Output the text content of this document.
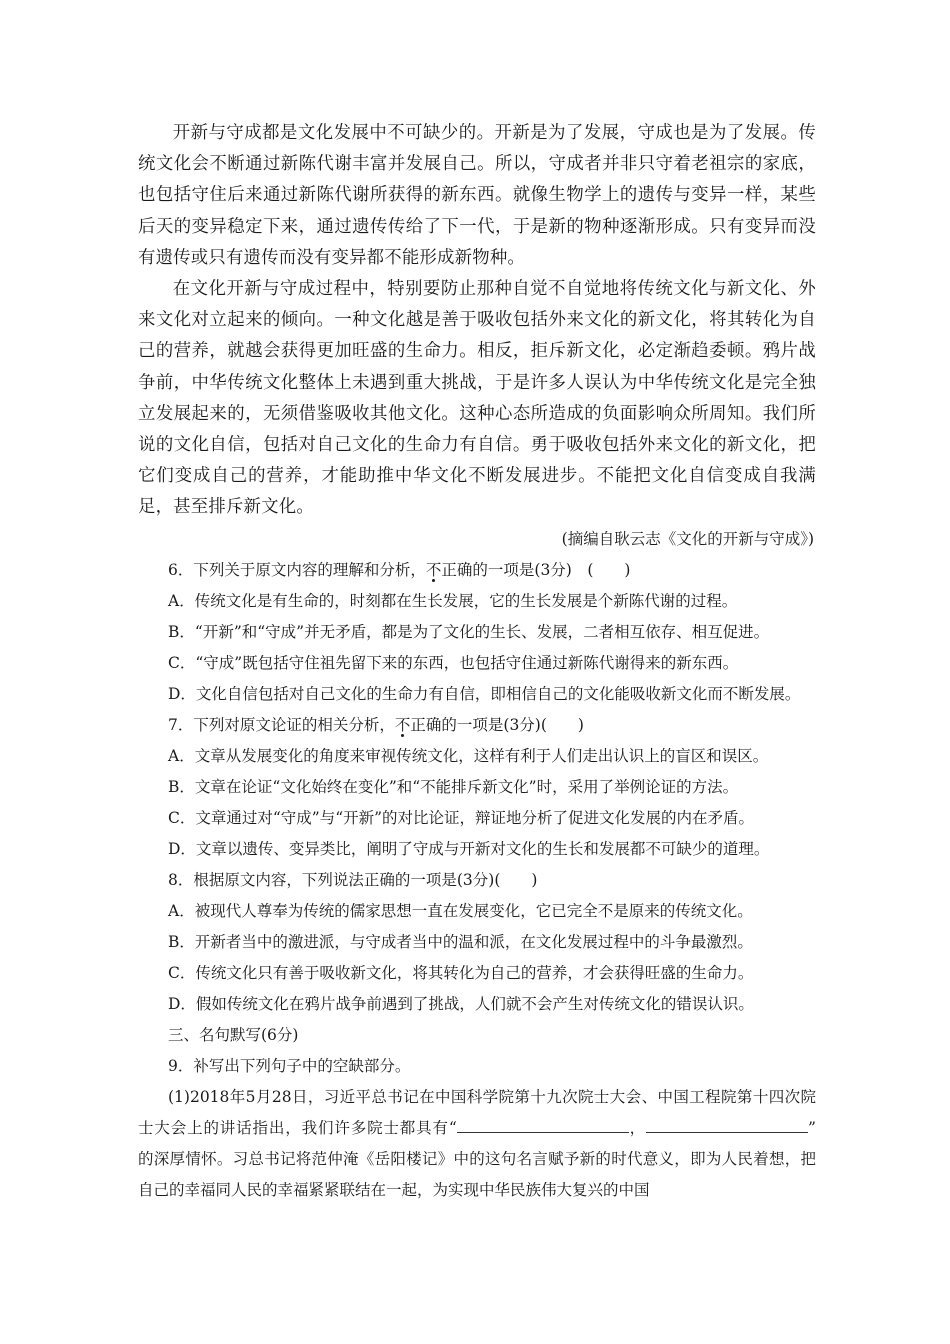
开新与守成都是文化发展中不可缺少的。开新是为了发展，守成也是为了发展。传统文化会不断通过新陈代谢丰富并发展自己。所以，守成者并非只守着老祖宗的家底，也包括守住后来通过新陈代谢所获得的新东西。就像生物学上的遗传与变异一样，某些后天的变异稳定下来，通过遗传传给了下一代，于是新的物种逐渐形成。只有变异而没有遗传或只有遗传而没有变异都不能形成新物种。

在文化开新与守成过程中，特别要防止那种自觉不自觉地将传统文化与新文化、外来文化对立起来的倾向。一种文化越是善于吸收包括外来文化的新文化，将其转化为自己的营养，就越会获得更加旺盛的生命力。相反，拒斥新文化，必定渐趋委顿。鸦片战争前，中华传统文化整体上未遇到重大挑战，于是许多人误认为中华传统文化是完全独立发展起来的，无须借鉴吸收其他文化。这种心态所造成的负面影响众所周知。我们所说的文化自信，包括对自己文化的生命力有自信。勇于吸收包括外来文化的新文化，把它们变成自己的营养，才能助推中华文化不断发展进步。不能把文化自信变成自我满足，甚至排斥新文化。

(摘编自耿云志《文化的开新与守成》)

6．下列关于原文内容的理解和分析，不正确的一项是(3分)　(　　)

A．传统文化是有生命的，时刻都在生长发展，它的生长发展是个新陈代谢的过程。

B．“开新”和“守成”并无矛盾，都是为了文化的生长、发展，二者相互依存、相互促进。

C．“守成”既包括守住祖先留下来的东西，也包括守住通过新陈代谢得来的新东西。

D．文化自信包括对自己文化的生命力有自信，即相信自己的文化能吸收新文化而不断发展。

7．下列对原文论证的相关分析，不正确的一项是(3分)(　　)

A．文章从发展变化的角度来审视传统文化，这样有利于人们走出认识上的盲区和误区。

B．文章在论证“文化始终在变化”和“不能排斥新文化”时，采用了举例论证的方法。

C．文章通过对“守成”与“开新”的对比论证，辩证地分析了促进文化发展的内在矛盾。

D．文章以遗传、变异类比，阐明了守成与开新对文化的生长和发展都不可缺少的道理。

8．根据原文内容，下列说法正确的一项是(3分)(　　)

A．被现代人尊奉为传统的儒家思想一直在发展变化，它已完全不是原来的传统文化。

B．开新者当中的激进派，与守成者当中的温和派，在文化发展过程中的斗争最激烈。

C．传统文化只有善于吸收新文化，将其转化为自己的营养，才会获得旺盛的生命力。

D．假如传统文化在鸦片战争前遇到了挑战，人们就不会产生对传统文化的错误认识。

三、名句默写(6分)

9．补写出下列句子中的空缺部分。

(1)2018年5月28日，习近平总书记在中国科学院第十九次院士大会、中国工程院第十四次院士大会上的讲话指出，我们许多院士都具有“	，	” 的深厚情怀。习总书记将范仲淹《岳阳楼记》中的这句名言赋予新的时代意义，即为人民着想，把自己的幸福同人民的幸福紧紧联结在一起，为实现中华民族伟大复兴的中国
